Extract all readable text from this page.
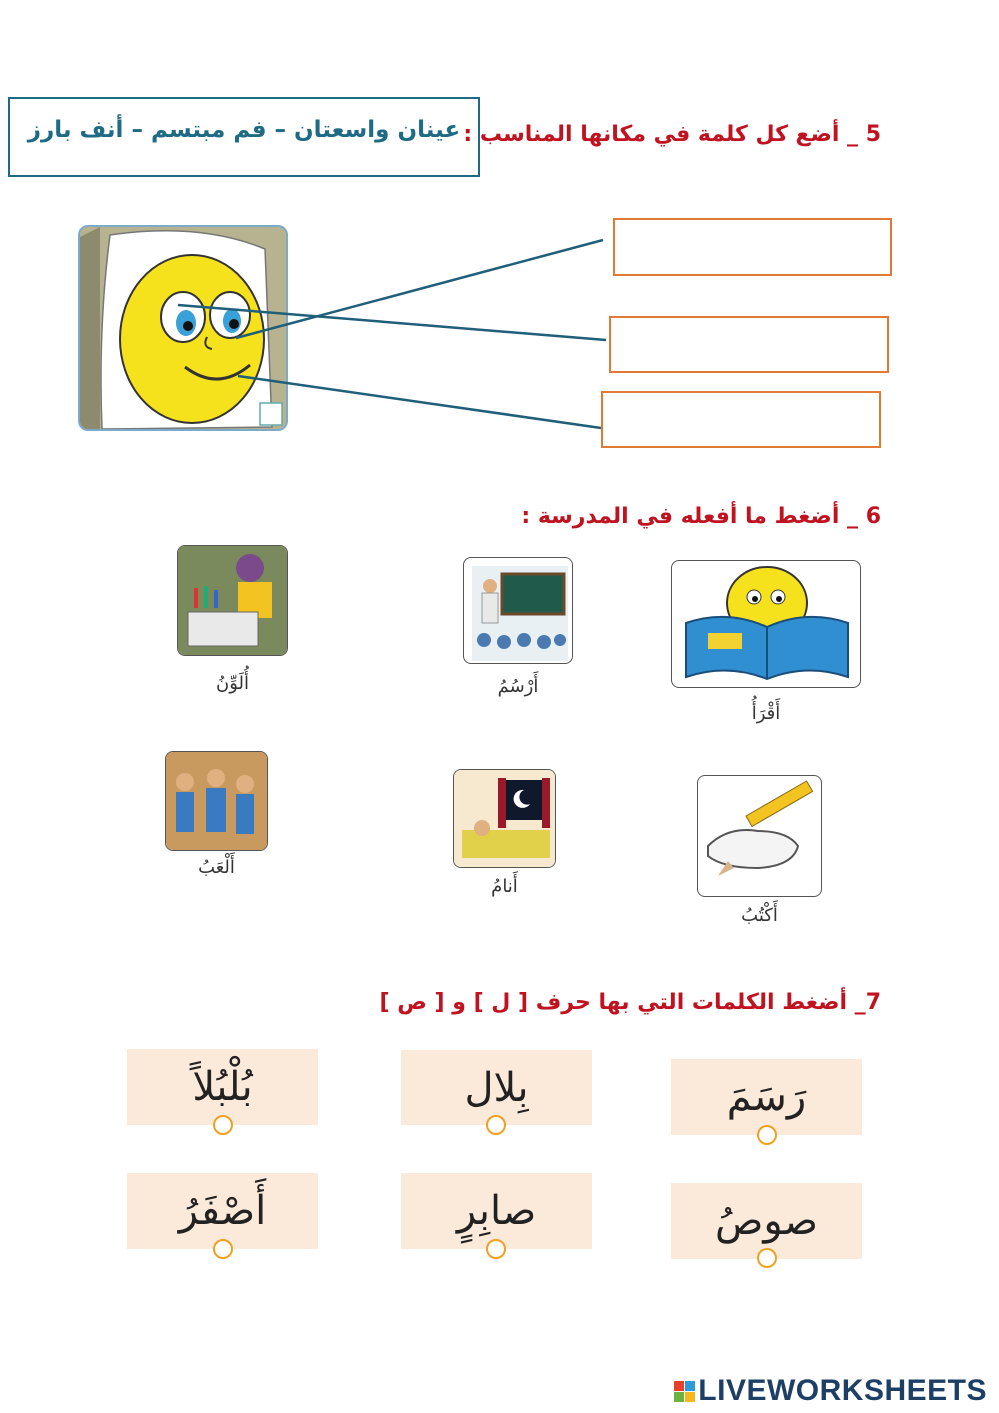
5 _ أضع كل كلمة في مكانها المناسب :
عينان واسعتان – فم مبتسم – أنف بارز
6 _ أضغط ما أفعله في المدرسة :
أَقْرَأُ
أَرْسُمُ
أُلَوِّنُ
أَكْتُبُ
أَنامُ
أَلْعَبُ
7_ أضغط الكلمات التي بها حرف [ ل ] و [ ص ]
رَسَمَ
بِلال
بُلْبُلاً
صوصُ
صابِرٍ
أَصْفَرُ
LIVEWORKSHEETS
